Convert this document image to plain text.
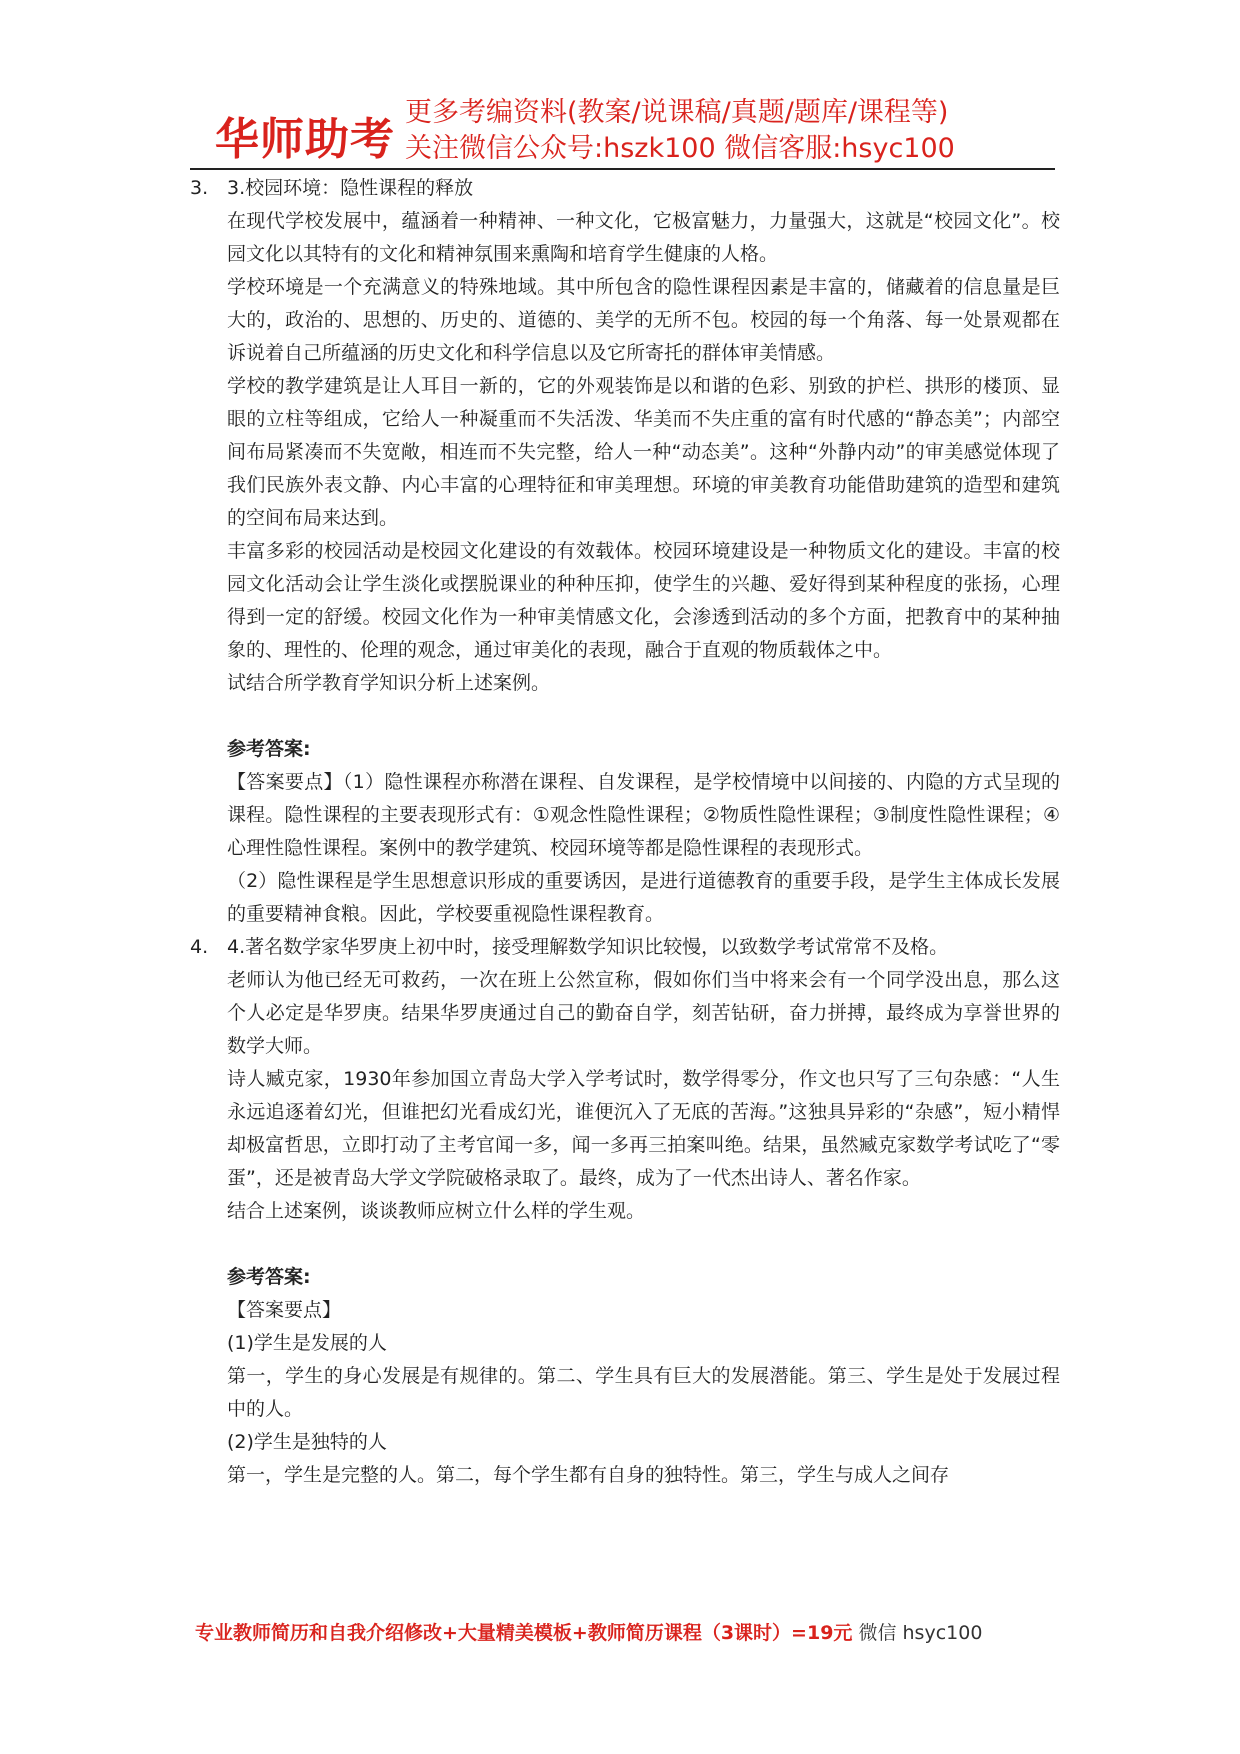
华师助考
更多考编资料(教案/说课稿/真题/题库/课程等)
关注微信公众号:hszk100 微信客服:hsyc100
3. 3.校园环境：隐性课程的释放

在现代学校发展中，蕴涵着一种精神、一种文化，它极富魅力，力量强大，这就是“校园文化”。校园文化以其特有的文化和精神氛围来熏陶和培育学生健康的人格。

学校环境是一个充满意义的特殊地域。其中所包含的隐性课程因素是丰富的，储藏着的信息量是巨大的，政治的、思想的、历史的、道德的、美学的无所不包。校园的每一个角落、每一处景观都在诉说着自己所蕴涵的历史文化和科学信息以及它所寄托的群体审美情感。

学校的教学建筑是让人耳目一新的，它的外观装饰是以和谐的色彩、别致的护栏、拱形的楼顶、显眼的立柱等组成，它给人一种凝重而不失活泼、华美而不失庄重的富有时代感的“静态美”；内部空间布局紧凑而不失宽敞，相连而不失完整，给人一种“动态美”。这种“外静内动”的审美感觉体现了我们民族外表文静、内心丰富的心理特征和审美理想。环境的审美教育功能借助建筑的造型和建筑的空间布局来达到。

丰富多彩的校园活动是校园文化建设的有效载体。校园环境建设是一种物质文化的建设。丰富的校园文化活动会让学生淡化或摆脱课业的种种压抑，使学生的兴趣、爱好得到某种程度的张扬，心理得到一定的舒缓。校园文化作为一种审美情感文化，会渗透到活动的多个方面，把教育中的某种抽象的、理性的、伦理的观念，通过审美化的表现，融合于直观的物质载体之中。

试结合所学教育学知识分析上述案例。

参考答案:

【答案要点】（1）隐性课程亦称潜在课程、自发课程，是学校情境中以间接的、内隐的方式呈现的课程。隐性课程的主要表现形式有：①观念性隐性课程；②物质性隐性课程；③制度性隐性课程；④心理性隐性课程。案例中的教学建筑、校园环境等都是隐性课程的表现形式。

（2）隐性课程是学生思想意识形成的重要诱因，是进行道德教育的重要手段，是学生主体成长发展的重要精神食粮。因此，学校要重视隐性课程教育。

4. 4.著名数学家华罗庚上初中时，接受理解数学知识比较慢，以致数学考试常常不及格。

老师认为他已经无可救药，一次在班上公然宣称，假如你们当中将来会有一个同学没出息，那么这个人必定是华罗庚。结果华罗庚通过自己的勤奋自学，刻苦钻研，奋力拼搏，最终成为享誉世界的数学大师。

诗人臧克家，1930年参加国立青岛大学入学考试时，数学得零分，作文也只写了三句杂感：“人生永远追逐着幻光，但谁把幻光看成幻光，谁便沉入了无底的苦海。”这独具异彩的“杂感”，短小精悍却极富哲思，立即打动了主考官闻一多，闻一多再三拍案叫绝。结果，虽然臧克家数学考试吃了“零蛋”，还是被青岛大学文学院破格录取了。最终，成为了一代杰出诗人、著名作家。

结合上述案例，谈谈教师应树立什么样的学生观。

参考答案:

【答案要点】

(1)学生是发展的人

第一，学生的身心发展是有规律的。第二、学生具有巨大的发展潜能。第三、学生是处于发展过程中的人。

(2)学生是独特的人

第一，学生是完整的人。第二，每个学生都有自身的独特性。第三，学生与成人之间存

专业教师简历和自我介绍修改+大量精美模板+教师简历课程（3课时）=19元 微信 hsyc100
